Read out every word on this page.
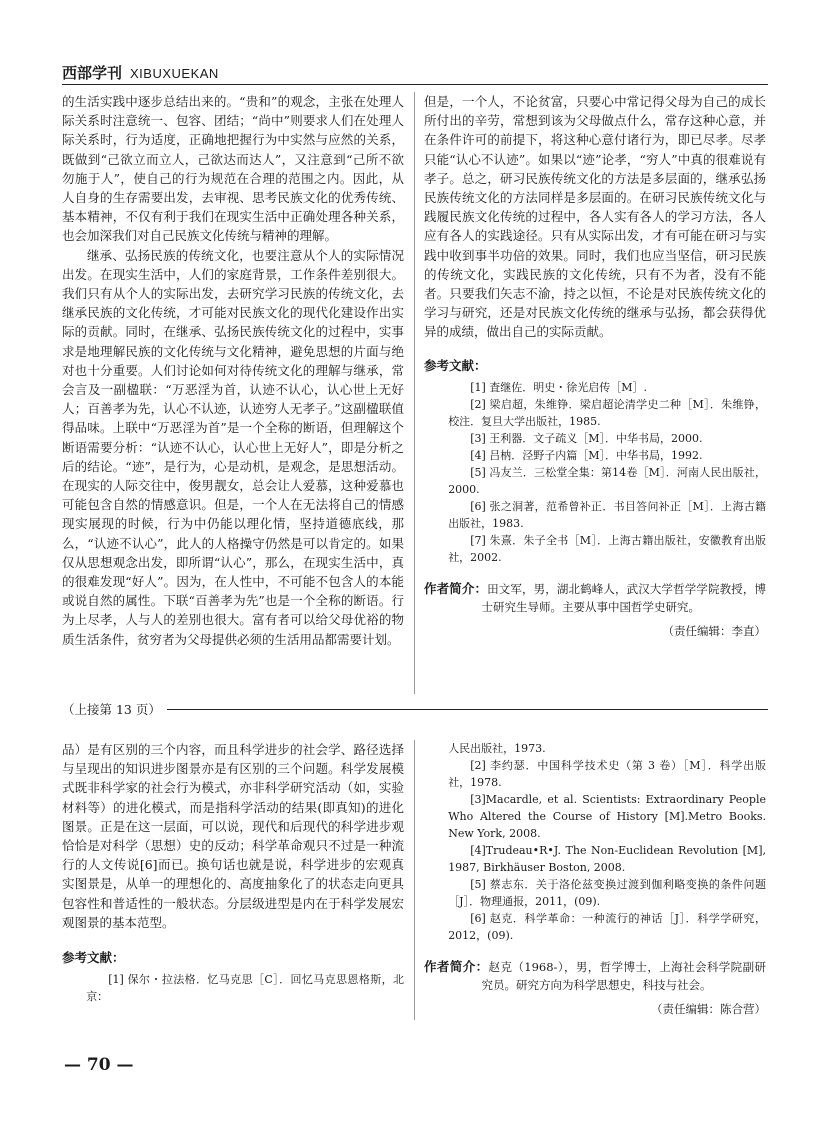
西部学刊 XIBUXUEKAN

的生活实践中逐步总结出来的。“贵和”的观念，主张在处理人际关系时注意统一、包容、团结；“尚中”则要求人们在处理人际关系时，行为适度，正确地把握行为中实然与应然的关系，既做到“己欲立而立人，己欲达而达人”，又注意到“己所不欲勿施于人”，使自己的行为规范在合理的范围之内。因此，从人自身的生存需要出发，去审视、思考民族文化的优秀传统、基本精神，不仅有利于我们在现实生活中正确处理各种关系，也会加深我们对自己民族文化传统与精神的理解。

继承、弘扬民族的传统文化，也要注意从个人的实际情况出发。在现实生活中，人们的家庭背景，工作条件差别很大。我们只有从个人的实际出发，去研究学习民族的传统文化，去继承民族的文化传统，才可能对民族文化的现代化建设作出实际的贡献。同时，在继承、弘扬民族传统文化的过程中，实事求是地理解民族的文化传统与文化精神，避免思想的片面与绝对也十分重要。人们讨论如何对待传统文化的理解与继承，常会言及一副楹联：“万恶淫为首，认迹不认心，认心世上无好人；百善孝为先，认心不认迹，认迹穷人无孝子。”这副楹联值得品味。上联中“万恶淫为首”是一个全称的断语，但理解这个断语需要分析：“认迹不认心，认心世上无好人”，即是分析之后的结论。“迹”，是行为，心是动机，是观念，是思想活动。在现实的人际交往中，俊男靓女，总会让人爱慕，这种爱慕也可能包含自然的情感意识。但是，一个人在无法将自己的情感现实展现的时候，行为中仍能以理化情，坚持道德底线，那么，“认迹不认心”，此人的人格操守仍然是可以肯定的。如果仅从思想观念出发，即所谓“认心”，那么，在现实生活中，真的很难发现“好人”。因为，在人性中，不可能不包含人的本能或说自然的属性。下联“百善孝为先”也是一个全称的断语。行为上尽孝，人与人的差别也很大。富有者可以给父母优裕的物质生活条件，贫穷者为父母提供必须的生活用品都需要计划。

但是，一个人，不论贫富，只要心中常记得父母为自己的成长所付出的辛劳，常想到该为父母做点什么，常存这种心意，并在条件许可的前提下，将这种心意付诸行为，即已尽孝。尽孝只能“认心不认迹”。如果以“迹”论孝，“穷人”中真的很难说有孝子。总之，研习民族传统文化的方法是多层面的，继承弘扬民族传统文化的方法同样是多层面的。在研习民族传统文化与践履民族文化传统的过程中，各人实有各人的学习方法，各人应有各人的实践途径。只有从实际出发，才有可能在研习与实践中收到事半功倍的效果。同时，我们也应当坚信，研习民族的传统文化，实践民族的文化传统，只有不为者，没有不能者。只要我们矢志不渝，持之以恒，不论是对民族传统文化的学习与研究，还是对民族文化传统的继承与弘扬，都会获得优异的成绩，做出自己的实际贡献。

参考文献：

[1] 査继佐．明史・徐光启传［M］.

[2] 梁启超，朱维铮．梁启超论清学史二种［M］．朱维铮，校注．复旦大学出版社，1985.

[3] 王利器．文子疏义［M］．中华书局，2000.

[4] 吕枘．泾野子内篇［M］．中华书局，1992.

[5] 冯友兰．三松堂全集：第14卷［M］．河南人民出版社，2000.

[6] 张之洞著，范希曾补正．书目答问补正［M］．上海古籍出版社，1983.

[7] 朱熹．朱子全书［M］．上海古籍出版社，安徽教育出版社，2002.

作者简介：田文军，男，湖北鹤峰人，武汉大学哲学学院教授，博士研究生导师。主要从事中国哲学史研究。
（责任编辑：李直）
（上接第 13 页）

品）是有区别的三个内容，而且科学进步的社会学、路径选择与呈现出的知识进步图景亦是有区别的三个问题。科学发展模式既非科学家的社会行为模式，亦非科学研究活动（如，实验材料等）的进化模式，而是指科学活动的结果(即真知)的进化图景。正是在这一层面，可以说，现代和后现代的科学进步观恰恰是对科学（思想）史的反动；科学革命观只不过是一种流行的人文传说[6]而已。换句话也就是说，科学进步的宏观真实图景是，从单一的理想化的、高度抽象化了的状态走向更具包容性和普适性的一般状态。分层级进型是内在于科学发展宏观图景的基本范型。

参考文献：

[1] 保尔・拉法格．忆马克思［C］．回忆马克思恩格斯，北京：

人民出版社，1973.

[2] 李约瑟．中国科学技术史（第 3 卷）［M］．科学出版社，1978.

[3]Macardle, et al. Scientists: Extraordinary People Who Altered the Course of History [M].Metro Books. New York, 2008.

[4]Trudeau•R•J. The Non-Euclidean Revolution [M], 1987, Birkhäuser Boston, 2008.

[5] 蔡志东．关于洛伦兹变换过渡到伽利略变换的条件问题［J］．物理通报，2011，(09).

[6] 赵克．科学革命：一种流行的神话［J］．科学学研究，2012，(09).

作者简介：赵克（1968-），男，哲学博士，上海社会科学院副研究员。研究方向为科学思想史，科技与社会。
（责任编辑：陈合营）
— 70 —
